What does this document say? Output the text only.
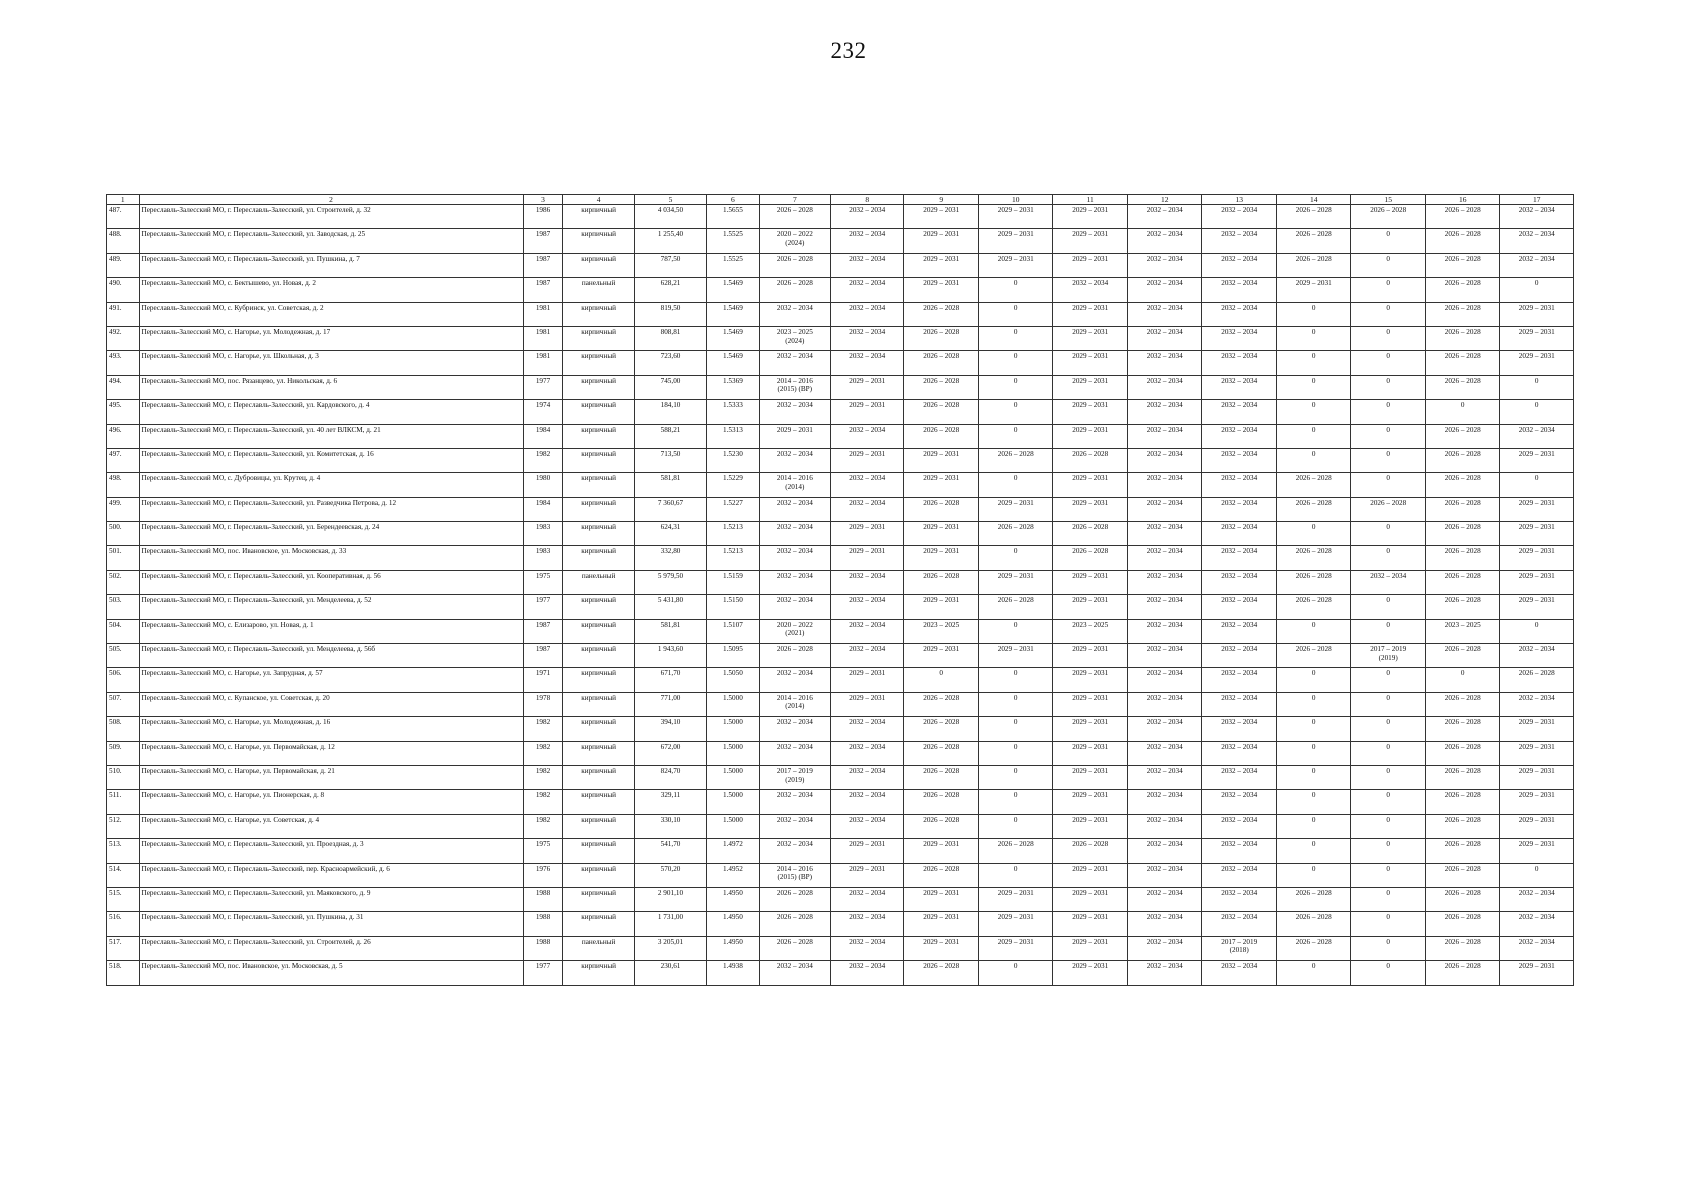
232
1	2	3	4	5	6	7	8	9	10	11	12	13	14	15	16	17

487.	Переславль-Залесский МО, г. Переславль-Залесский, ул. Строителей, д. 32	1986	кирпичный	4 034,50	1.5655	2026 – 2028	2032 – 2034	2029 – 2031	2029 – 2031	2029 – 2031	2032 – 2034	2032 – 2034	2026 – 2028	2026 – 2028	2026 – 2028	2032 – 2034

488.	Переславль-Залесский МО, г. Переславль-Залесский, ул. Заводская, д. 25	1987	кирпичный	1 255,40	1.5525	2020 – 2022
(2024)	2032 – 2034	2029 – 2031	2029 – 2031	2029 – 2031	2032 – 2034	2032 – 2034	2026 – 2028	0	2026 – 2028	2032 – 2034

489.	Переславль-Залесский МО, г. Переславль-Залесский, ул. Пушкина, д. 7	1987	кирпичный	787,50	1.5525	2026 – 2028	2032 – 2034	2029 – 2031	2029 – 2031	2029 – 2031	2032 – 2034	2032 – 2034	2026 – 2028	0	2026 – 2028	2032 – 2034

490.	Переславль-Залесский МО, с. Бектышево, ул. Новая, д. 2	1987	панельный	628,21	1.5469	2026 – 2028	2032 – 2034	2029 – 2031	0	2032 – 2034	2032 – 2034	2032 – 2034	2029 – 2031	0	2026 – 2028	0

491.	Переславль-Залесский МО, с. Кубринск, ул. Советская, д. 2	1981	кирпичный	819,50	1.5469	2032 – 2034	2032 – 2034	2026 – 2028	0	2029 – 2031	2032 – 2034	2032 – 2034	0	0	2026 – 2028	2029 – 2031

492.	Переславль-Залесский МО, с. Нагорье, ул. Молодежная, д. 17	1981	кирпичный	808,81	1.5469	2023 – 2025
(2024)	2032 – 2034	2026 – 2028	0	2029 – 2031	2032 – 2034	2032 – 2034	0	0	2026 – 2028	2029 – 2031

493.	Переславль-Залесский МО, с. Нагорье, ул. Школьная, д. 3	1981	кирпичный	723,60	1.5469	2032 – 2034	2032 – 2034	2026 – 2028	0	2029 – 2031	2032 – 2034	2032 – 2034	0	0	2026 – 2028	2029 – 2031

494.	Переславль-Залесский МО, пос. Рязанцево, ул. Никольская, д. 6	1977	кирпичный	745,00	1.5369	2014 – 2016
(2015) (ВР)	2029 – 2031	2026 – 2028	0	2029 – 2031	2032 – 2034	2032 – 2034	0	0	2026 – 2028	0

495.	Переславль-Залесский МО, г. Переславль-Залесский, ул. Кардовского, д. 4	1974	кирпичный	184,10	1.5333	2032 – 2034	2029 – 2031	2026 – 2028	0	2029 – 2031	2032 – 2034	2032 – 2034	0	0	0	0

496.	Переславль-Залесский МО, г. Переславль-Залесский, ул. 40 лет ВЛКСМ, д. 21	1984	кирпичный	588,21	1.5313	2029 – 2031	2032 – 2034	2026 – 2028	0	2029 – 2031	2032 – 2034	2032 – 2034	0	0	2026 – 2028	2032 – 2034

497.	Переславль-Залесский МО, г. Переславль-Залесский, ул. Комитетская, д. 16	1982	кирпичный	713,50	1.5230	2032 – 2034	2029 – 2031	2029 – 2031	2026 – 2028	2026 – 2028	2032 – 2034	2032 – 2034	0	0	2026 – 2028	2029 – 2031

498.	Переславль-Залесский МО, с. Дубровицы, ул. Крутец, д. 4	1980	кирпичный	581,81	1.5229	2014 – 2016
(2014)	2032 – 2034	2029 – 2031	0	2029 – 2031	2032 – 2034	2032 – 2034	2026 – 2028	0	2026 – 2028	0

499.	Переславль-Залесский МО, г. Переславль-Залесский, ул. Разведчика Петрова, д. 12	1984	кирпичный	7 360,67	1.5227	2032 – 2034	2032 – 2034	2026 – 2028	2029 – 2031	2029 – 2031	2032 – 2034	2032 – 2034	2026 – 2028	2026 – 2028	2026 – 2028	2029 – 2031

500.	Переславль-Залесский МО, г. Переславль-Залесский, ул. Берендеевская, д. 24	1983	кирпичный	624,31	1.5213	2032 – 2034	2029 – 2031	2029 – 2031	2026 – 2028	2026 – 2028	2032 – 2034	2032 – 2034	0	0	2026 – 2028	2029 – 2031

501.	Переславль-Залесский МО, пос. Ивановское, ул. Московская, д. 33	1983	кирпичный	332,80	1.5213	2032 – 2034	2029 – 2031	2029 – 2031	0	2026 – 2028	2032 – 2034	2032 – 2034	2026 – 2028	0	2026 – 2028	2029 – 2031

502.	Переславль-Залесский МО, г. Переславль-Залесский, ул. Кооперативная, д. 56	1975	панельный	5 979,50	1.5159	2032 – 2034	2032 – 2034	2026 – 2028	2029 – 2031	2029 – 2031	2032 – 2034	2032 – 2034	2026 – 2028	2032 – 2034	2026 – 2028	2029 – 2031

503.	Переславль-Залесский МО, г. Переславль-Залесский, ул. Менделеева, д. 52	1977	кирпичный	5 431,80	1.5150	2032 – 2034	2032 – 2034	2029 – 2031	2026 – 2028	2029 – 2031	2032 – 2034	2032 – 2034	2026 – 2028	0	2026 – 2028	2029 – 2031

504.	Переславль-Залесский МО, с. Елизарово, ул. Новая, д. 1	1987	кирпичный	581,81	1.5107	2020 – 2022
(2021)	2032 – 2034	2023 – 2025	0	2023 – 2025	2032 – 2034	2032 – 2034	0	0	2023 – 2025	0

505.	Переславль-Залесский МО, г. Переславль-Залесский, ул. Менделеева, д. 56б	1987	кирпичный	1 943,60	1.5095	2026 – 2028	2032 – 2034	2029 – 2031	2029 – 2031	2029 – 2031	2032 – 2034	2032 – 2034	2026 – 2028	2017 – 2019
(2019)	2026 – 2028	2032 – 2034

506.	Переславль-Залесский МО, с. Нагорье, ул. Запрудная, д. 57	1971	кирпичный	671,70	1.5050	2032 – 2034	2029 – 2031	0	0	2029 – 2031	2032 – 2034	2032 – 2034	0	0	0	2026 – 2028

507.	Переславль-Залесский МО, с. Купанское, ул. Советская, д. 20	1978	кирпичный	771,00	1.5000	2014 – 2016
(2014)	2029 – 2031	2026 – 2028	0	2029 – 2031	2032 – 2034	2032 – 2034	0	0	2026 – 2028	2032 – 2034

508.	Переславль-Залесский МО, с. Нагорье, ул. Молодежная, д. 16	1982	кирпичный	394,10	1.5000	2032 – 2034	2032 – 2034	2026 – 2028	0	2029 – 2031	2032 – 2034	2032 – 2034	0	0	2026 – 2028	2029 – 2031

509.	Переславль-Залесский МО, с. Нагорье, ул. Первомайская, д. 12	1982	кирпичный	672,00	1.5000	2032 – 2034	2032 – 2034	2026 – 2028	0	2029 – 2031	2032 – 2034	2032 – 2034	0	0	2026 – 2028	2029 – 2031

510.	Переславль-Залесский МО, с. Нагорье, ул. Первомайская, д. 21	1982	кирпичный	824,70	1.5000	2017 – 2019
(2019)	2032 – 2034	2026 – 2028	0	2029 – 2031	2032 – 2034	2032 – 2034	0	0	2026 – 2028	2029 – 2031

511.	Переславль-Залесский МО, с. Нагорье, ул. Пионерская, д. 8	1982	кирпичный	329,11	1.5000	2032 – 2034	2032 – 2034	2026 – 2028	0	2029 – 2031	2032 – 2034	2032 – 2034	0	0	2026 – 2028	2029 – 2031

512.	Переславль-Залесский МО, с. Нагорье, ул. Советская, д. 4	1982	кирпичный	330,10	1.5000	2032 – 2034	2032 – 2034	2026 – 2028	0	2029 – 2031	2032 – 2034	2032 – 2034	0	0	2026 – 2028	2029 – 2031

513.	Переславль-Залесский МО, г. Переславль-Залесский, ул. Проездная, д. 3	1975	кирпичный	541,70	1.4972	2032 – 2034	2029 – 2031	2029 – 2031	2026 – 2028	2026 – 2028	2032 – 2034	2032 – 2034	0	0	2026 – 2028	2029 – 2031

514.	Переславль-Залесский МО, г. Переславль-Залесский, пер. Красноармейский, д. 6	1976	кирпичный	570,20	1.4952	2014 – 2016
(2015) (ВР)	2029 – 2031	2026 – 2028	0	2029 – 2031	2032 – 2034	2032 – 2034	0	0	2026 – 2028	0

515.	Переславль-Залесский МО, г. Переславль-Залесский, ул. Маяковского, д. 9	1988	кирпичный	2 901,10	1.4950	2026 – 2028	2032 – 2034	2029 – 2031	2029 – 2031	2029 – 2031	2032 – 2034	2032 – 2034	2026 – 2028	0	2026 – 2028	2032 – 2034

516.	Переславль-Залесский МО, г. Переславль-Залесский, ул. Пушкина, д. 31	1988	кирпичный	1 731,00	1.4950	2026 – 2028	2032 – 2034	2029 – 2031	2029 – 2031	2029 – 2031	2032 – 2034	2032 – 2034	2026 – 2028	0	2026 – 2028	2032 – 2034

517.	Переславль-Залесский МО, г. Переславль-Залесский, ул. Строителей, д. 26	1988	панельный	3 205,01	1.4950	2026 – 2028	2032 – 2034	2029 – 2031	2029 – 2031	2029 – 2031	2032 – 2034	2017 – 2019
(2018)	2026 – 2028	0	2026 – 2028	2032 – 2034

518.	Переславль-Залесский МО, пос. Ивановское, ул. Московская, д. 5	1977	кирпичный	230,61	1.4938	2032 – 2034	2032 – 2034	2026 – 2028	0	2029 – 2031	2032 – 2034	2032 – 2034	0	0	2026 – 2028	2029 – 2031
